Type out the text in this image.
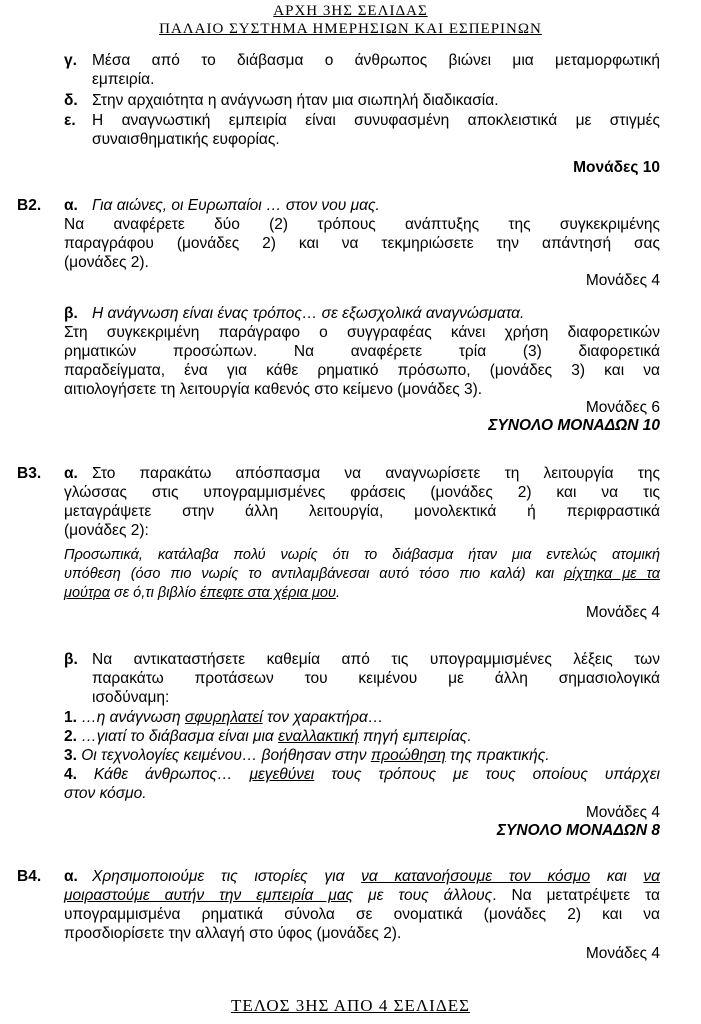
ΑΡΧΗ 3ΗΣ ΣΕΛΙΔΑΣ
ΠΑΛΑΙΟ ΣΥΣΤΗΜΑ ΗΜΕΡΗΣΙΩΝ ΚΑΙ ΕΣΠΕΡΙΝΩΝ
γ. Μέσα από το διάβασμα ο άνθρωπος βιώνει μια μεταμορφωτική
εμπειρία.
δ. Στην αρχαιότητα η ανάγνωση ήταν μια σιωπηλή διαδικασία.
ε. Η αναγνωστική εμπειρία είναι συνυφασμένη αποκλειστικά με στιγμές
συναισθηματικής ευφορίας.
Μονάδες 10
Β2. α. Για αιώνες, οι Ευρωπαίοι … στον νου μας.
Να αναφέρετε δύο (2) τρόπους ανάπτυξης της συγκεκριμένης
παραγράφου (μονάδες 2) και να τεκμηριώσετε την απάντησή σας
(μονάδες 2).
Μονάδες 4
β. Η ανάγνωση είναι ένας τρόπος… σε εξωσχολικά αναγνώσματα.
Στη συγκεκριμένη παράγραφο ο συγγραφέας κάνει χρήση διαφορετικών
ρηματικών προσώπων. Να αναφέρετε τρία (3) διαφορετικά
παραδείγματα, ένα για κάθε ρηματικό πρόσωπο, (μονάδες 3) και να
αιτιολογήσετε τη λειτουργία καθενός στο κείμενο (μονάδες 3).
Μονάδες 6
ΣΥΝΟΛΟ ΜΟΝΑΔΩΝ 10
Β3. α. Στο παρακάτω απόσπασμα να αναγνωρίσετε τη λειτουργία της
γλώσσας στις υπογραμμισμένες φράσεις (μονάδες 2) και να τις
μεταγράψετε στην άλλη λειτουργία, μονολεκτικά ή περιφραστικά
(μονάδες 2):
Προσωπικά, κατάλαβα πολύ νωρίς ότι το διάβασμα ήταν μια εντελώς ατομική
υπόθεση (όσο πιο νωρίς το αντιλαμβάνεσαι αυτό τόσο πιο καλά) και ρίχτηκα με τα
μούτρα σε ό,τι βιβλίο έπεφτε στα χέρια μου.
Μονάδες 4
β. Να αντικαταστήσετε καθεμία από τις υπογραμμισμένες λέξεις των
παρακάτω προτάσεων του κειμένου με άλλη σημασιολογικά
ισοδύναμη:
1. …η ανάγνωση σφυρηλατεί τον χαρακτήρα…
2. …γιατί το διάβασμα είναι μια εναλλακτική πηγή εμπειρίας.
3. Οι τεχνολογίες κειμένου… βοήθησαν στην προώθηση της πρακτικής.
4. Κάθε άνθρωπος… μεγεθύνει τους τρόπους με τους οποίους υπάρχει
στον κόσμο.
Μονάδες 4
ΣΥΝΟΛΟ ΜΟΝΑΔΩΝ 8
Β4. α. Χρησιμοποιούμε τις ιστορίες για να κατανοήσουμε τον κόσμο και να
μοιραστούμε αυτήν την εμπειρία μας με τους άλλους. Να μετατρέψετε τα
υπογραμμισμένα ρηματικά σύνολα σε ονοματικά (μονάδες 2) και να
προσδιορίσετε την αλλαγή στο ύφος (μονάδες 2).
Μονάδες 4
ΤΕΛΟΣ 3ΗΣ ΑΠΟ 4 ΣΕΛΙΔΕΣ
